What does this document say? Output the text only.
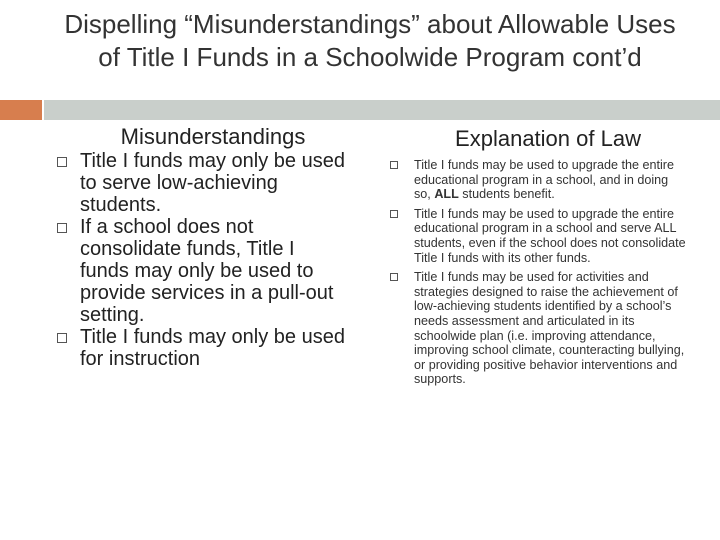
Dispelling “Misunderstandings” about Allowable Uses of Title I Funds in a Schoolwide Program cont’d
Misunderstandings
Title I funds may only be used to serve low-achieving students.
If a school does not consolidate funds, Title I funds may only be used to provide services in a pull-out setting.
Title I funds may only be used for instruction
Explanation of Law
Title I funds may be used to upgrade the entire educational program in a school, and in doing so, ALL students benefit.
Title I funds may be used to upgrade the entire educational program in a school and serve ALL students, even if the school does not consolidate Title I funds with its other funds.
Title I funds may be used for activities and strategies designed to raise the achievement of low-achieving students identified by a school’s needs assessment and articulated in its schoolwide plan (i.e. improving attendance, improving school climate, counteracting bullying, or providing positive behavior interventions and supports.
